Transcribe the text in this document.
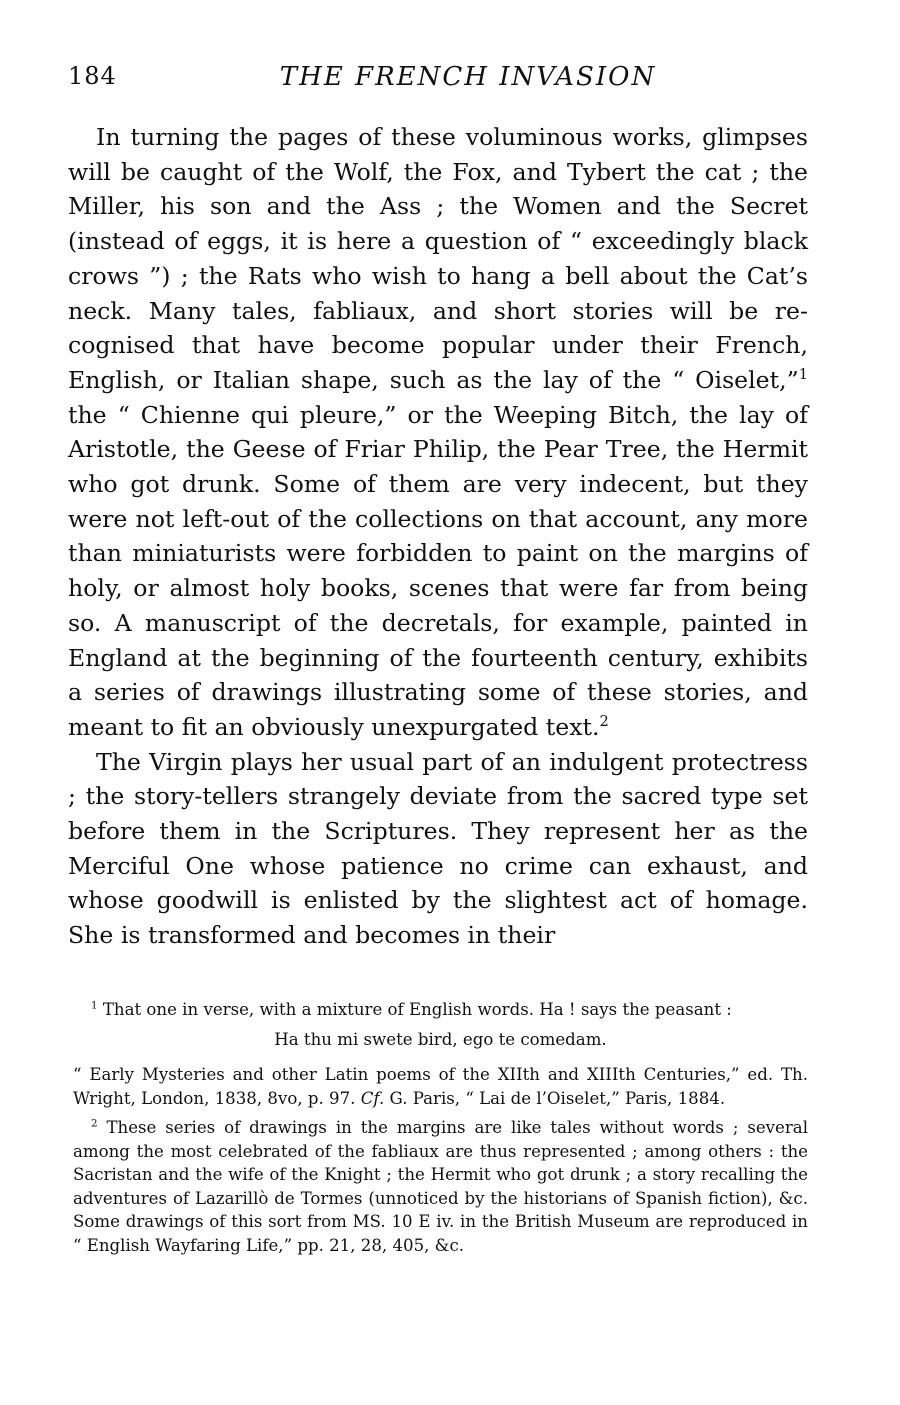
184	THE FRENCH INVASION

In turning the pages of these voluminous works, glimpses will be caught of the Wolf, the Fox, and Tybert the cat ; the Miller, his son and the Ass ; the Women and the Secret (instead of eggs, it is here a question of “ exceedingly black crows ”) ; the Rats who wish to hang a bell about the Cat’s neck. Many tales, fabliaux, and short stories will be recognised that have become popular under their French, English, or Italian shape, such as the lay of the “ Oiselet,”$^1$ the “ Chienne qui pleure,” or the Weeping Bitch, the lay of Aristotle, the Geese of Friar Philip, the Pear Tree, the Hermit who got drunk. Some of them are very indecent, but they were not left-out of the collections on that account, any more than miniaturists were forbidden to paint on the margins of holy, or almost holy books, scenes that were far from being so. A manuscript of the decretals, for example, painted in England at the beginning of the fourteenth century, exhibits a series of drawings illustrating some of these stories, and meant to fit an obviously unexpurgated text.$^2$

The Virgin plays her usual part of an indulgent protectress ; the story-tellers strangely deviate from the sacred type set before them in the Scriptures. They represent her as the Merciful One whose patience no crime can exhaust, and whose goodwill is enlisted by the slightest act of homage. She is transformed and becomes in their

$^1$ That one in verse, with a mixture of English words. Ha ! says the peasant :

Ha thu mi swete bird, ego te comedam.

“ Early Mysteries and other Latin poems of the XIIth and XIIIth Centuries,” ed. Th. Wright, London, 1838, 8vo, p. 97. Cf. G. Paris, “ Lai de l’Oiselet,” Paris, 1884.

$^2$ These series of drawings in the margins are like tales without words ; several among the most celebrated of the fabliaux are thus represented ; among others : the Sacristan and the wife of the Knight ; the Hermit who got drunk ; a story recalling the adventures of Lazarillò de Tormes (unnoticed by the historians of Spanish fiction), &c. Some drawings of this sort from MS. 10 E iv. in the British Museum are reproduced in “ English Wayfaring Life,” pp. 21, 28, 405, &c.
